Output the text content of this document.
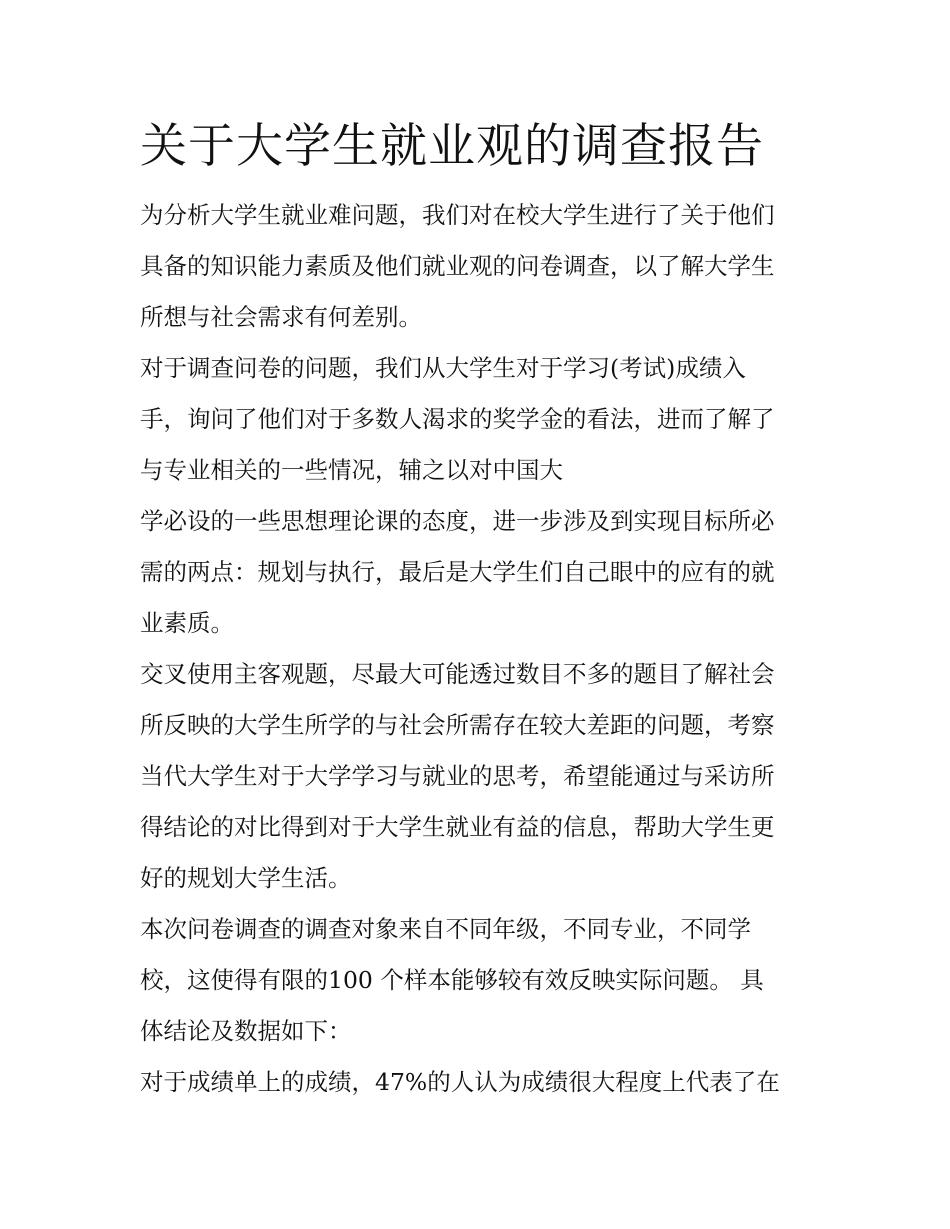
关于大学生就业观的调查报告
为分析大学生就业难问题，我们对在校大学生进行了关于他们
具备的知识能力素质及他们就业观的问卷调查，以了解大学生
所想与社会需求有何差别。
对于调查问卷的问题，我们从大学生对于学习(考试)成绩入
手，询问了他们对于多数人渴求的奖学金的看法，进而了解了
与专业相关的一些情况，辅之以对中国大
学必设的一些思想理论课的态度，进一步涉及到实现目标所必
需的两点：规划与执行，最后是大学生们自己眼中的应有的就
业素质。
交叉使用主客观题，尽最大可能透过数目不多的题目了解社会
所反映的大学生所学的与社会所需存在较大差距的问题，考察
当代大学生对于大学学习与就业的思考，希望能通过与采访所
得结论的对比得到对于大学生就业有益的信息，帮助大学生更
好的规划大学生活。
本次问卷调查的调查对象来自不同年级，不同专业，不同学
校，这使得有限的100 个样本能够较有效反映实际问题。 具
体结论及数据如下：
对于成绩单上的成绩，47%的人认为成绩很大程度上代表了在
